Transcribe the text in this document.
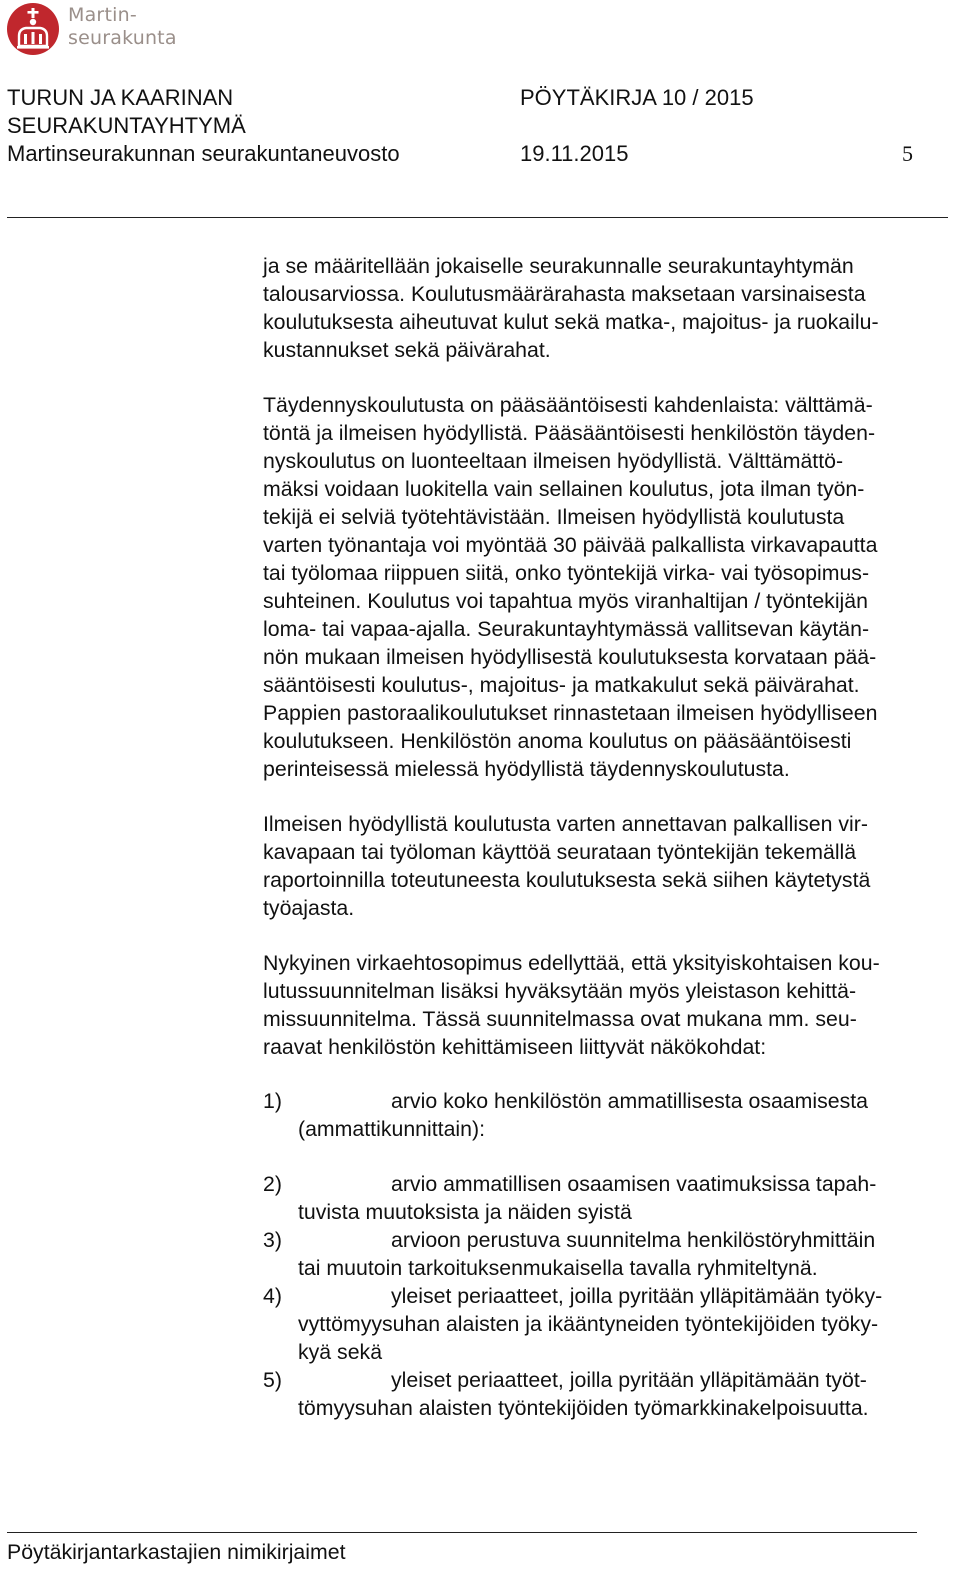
Martin-
seurakunta
TURUN JA KAARINAN
SEURAKUNTAYHTYMÄ
PÖYTÄKIRJA 10 / 2015
Martinseurakunnan seurakuntaneuvosto	19.11.2015	5

ja se määritellään jokaiselle seurakunnalle seurakuntayhtymän
talousarviossa. Koulutusmäärärahasta maksetaan varsinaisesta
koulutuksesta aiheutuvat kulut sekä matka-, majoitus- ja ruokailu-
kustannukset sekä päivärahat.

Täydennyskoulutusta on pääsääntöisesti kahdenlaista: välttämä-
töntä ja ilmeisen hyödyllistä. Pääsääntöisesti henkilöstön täyden-
nyskoulutus on luonteeltaan ilmeisen hyödyllistä. Välttämättö-
mäksi voidaan luokitella vain sellainen koulutus, jota ilman työn-
tekijä ei selviä työtehtävistään. Ilmeisen hyödyllistä koulutusta
varten työnantaja voi myöntää 30 päivää palkallista virkavapautta
tai työlomaa riippuen siitä, onko työntekijä virka- vai työsopimus-
suhteinen. Koulutus voi tapahtua myös viranhaltijan / työntekijän
loma- tai vapaa-ajalla. Seurakuntayhtymässä vallitsevan käytän-
nön mukaan ilmeisen hyödyllisestä koulutuksesta korvataan pää-
sääntöisesti koulutus-, majoitus- ja matkakulut sekä päivärahat.
Pappien pastoraalikoulutukset rinnastetaan ilmeisen hyödylliseen
koulutukseen. Henkilöstön anoma koulutus on pääsääntöisesti
perinteisessä mielessä hyödyllistä täydennyskoulutusta.

Ilmeisen hyödyllistä koulutusta varten annettavan palkallisen vir-
kavapaan tai työloman käyttöä seurataan työntekijän tekemällä
raportoinnilla toteutuneesta koulutuksesta sekä siihen käytetystä
työajasta.

Nykyinen virkaehtosopimus edellyttää, että yksityiskohtaisen kou-
lutussuunnitelman lisäksi hyväksytään myös yleistason kehittä-
missuunnitelma. Tässä suunnitelmassa ovat mukana mm. seu-
raavat henkilöstön kehittämiseen liittyvät näkökohdat:

1)	arvio koko henkilöstön ammatillisesta osaamisesta
(ammattikunnittain):
2)	arvio ammatillisen osaamisen vaatimuksissa tapah-
tuvista muutoksista ja näiden syistä
3)	arvioon perustuva suunnitelma henkilöstöryhmittäin
tai muutoin tarkoituksenmukaisella tavalla ryhmiteltynä.
4)	yleiset periaatteet, joilla pyritään ylläpitämään työky-
vyttömyysuhan alaisten ja ikääntyneiden työntekijöiden työky-
kyä sekä
5)	yleiset periaatteet, joilla pyritään ylläpitämään työt-
tömyysuhan alaisten työntekijöiden työmarkkinakelpoisuutta.
Pöytäkirjantarkastajien nimikirjaimet
